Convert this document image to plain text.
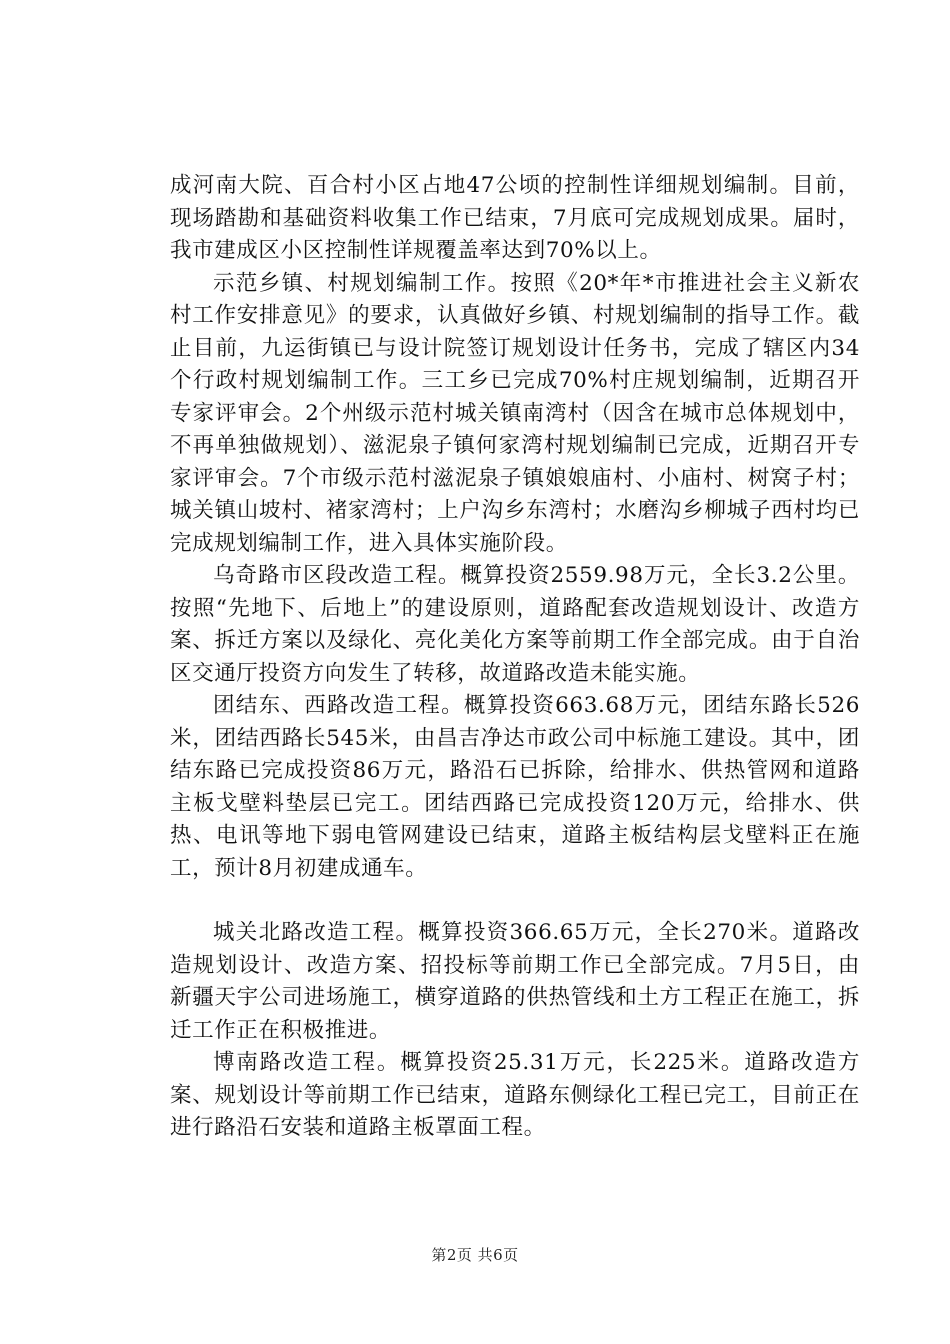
成河南大院、百合村小区占地47公顷的控制性详细规划编制。目前，现场踏勘和基础资料收集工作已结束，7月底可完成规划成果。届时，我市建成区小区控制性详规覆盖率达到70%以上。

示范乡镇、村规划编制工作。按照《20*年*市推进社会主义新农村工作安排意见》的要求，认真做好乡镇、村规划编制的指导工作。截止目前，九运街镇已与设计院签订规划设计任务书，完成了辖区内34个行政村规划编制工作。三工乡已完成70%村庄规划编制，近期召开专家评审会。2个州级示范村城关镇南湾村（因含在城市总体规划中，不再单独做规划）、滋泥泉子镇何家湾村规划编制已完成，近期召开专家评审会。7个市级示范村滋泥泉子镇娘娘庙村、小庙村、树窝子村；城关镇山坡村、褚家湾村；上户沟乡东湾村；水磨沟乡柳城子西村均已完成规划编制工作，进入具体实施阶段。

乌奇路市区段改造工程。概算投资2559.98万元，全长3.2公里。按照“先地下、后地上”的建设原则，道路配套改造规划设计、改造方案、拆迁方案以及绿化、亮化美化方案等前期工作全部完成。由于自治区交通厅投资方向发生了转移，故道路改造未能实施。

团结东、西路改造工程。概算投资663.68万元，团结东路长526米，团结西路长545米，由昌吉净达市政公司中标施工建设。其中，团结东路已完成投资86万元，路沿石已拆除，给排水、供热管网和道路主板戈壁料垫层已完工。团结西路已完成投资120万元，给排水、供热、电讯等地下弱电管网建设已结束，道路主板结构层戈壁料正在施工，预计8月初建成通车。

城关北路改造工程。概算投资366.65万元，全长270米。道路改造规划设计、改造方案、招投标等前期工作已全部完成。7月5日，由新疆天宇公司进场施工，横穿道路的供热管线和土方工程正在施工，拆迁工作正在积极推进。

博南路改造工程。概算投资25.31万元，长225米。道路改造方案、规划设计等前期工作已结束，道路东侧绿化工程已完工，目前正在进行路沿石安装和道路主板罩面工程。

第2页 共6页
